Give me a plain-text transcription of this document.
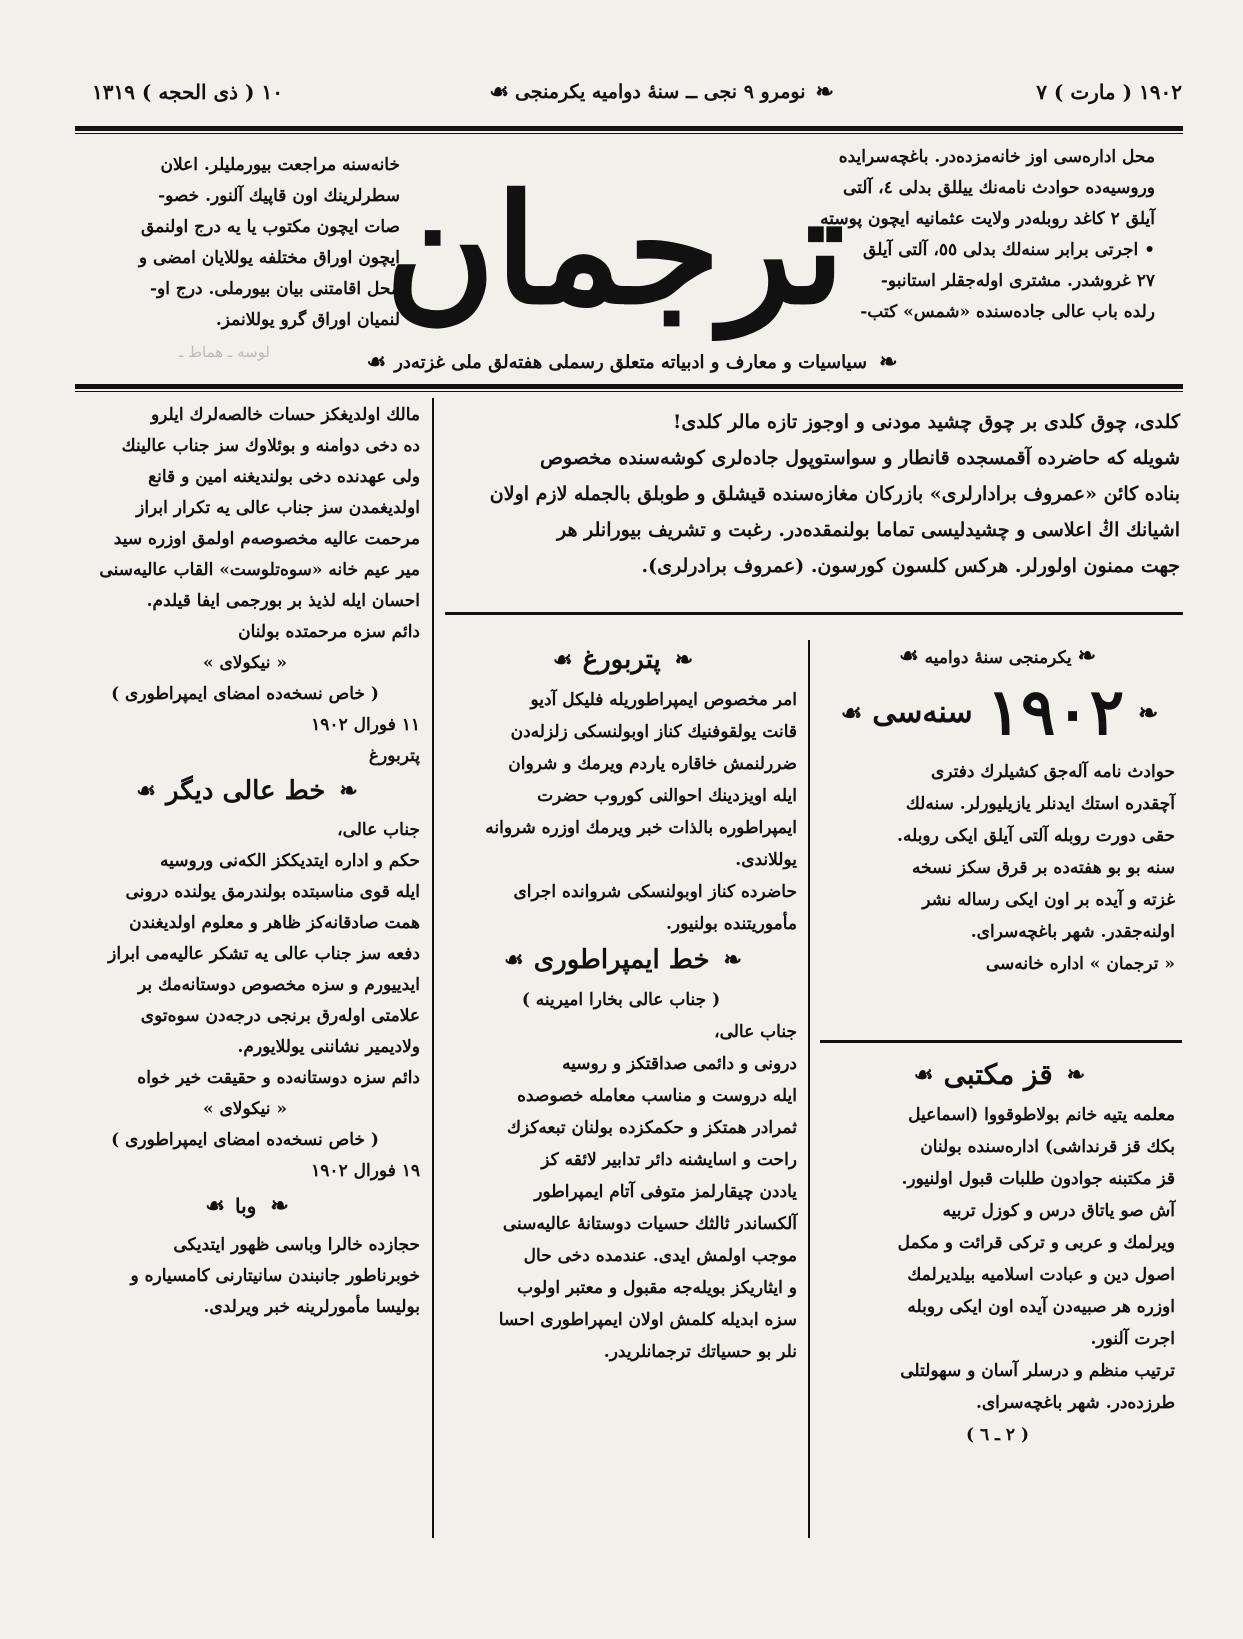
۱۹۰۲ ( مارت ) ۷
❧
نومرو ۹ نجی ــ سنهٔ دوامیه یکرمنجی
☙
۱۰ ( ذی الحجه ) ۱۳۱۹
محل ادارەسی اوز خانەمزدەدر. باغچەسرایدە
وروسیەدە حوادث نامەنك ییللق بدلی ٤، آلتی
آیلق ۲ کاغد روبلەدر ولایت عثمانیە ایچون پوستە
• اجرتی برابر سنەلك بدلی ٥٥، آلتی آیلق
۲۷ غروشدر. مشتری اولەجقلر استانبو-
رلدە باب عالی جادەسندە «شمس» کتب-
ترجمان
خانەسنە مراجعت بیورملیلر. اعلان
سطرلرینك اون قاپیك آلنور. خصو-
صات ایچون مکتوب یا یە درج اولنمق
ایچون اوراق مختلفە یوللایان امضی و
محل اقامتنی بیان بیورملی. درج او-
لنمیان اوراق گرو یوللانمز.
لوسه ـ هماط ـ	❧
سیاسیات و معارف و ادبیاتە متعلق رسملی هفتەلق ملی غزتەدر
☙

کلدی، چوق کلدی بر چوق چشید مودنی و اوجوز تازه مالر کلدی!

شویلە کە حاضردە آقمسجدە قانطار و سواستوپول جادەلری کوشەسندە مخصوص

بنادە کائن «عمروف برادارلری» بازرکان مغازەسندە قیشلق و طوبلق بالجملە لازم اولان

اشیانك اڭ اعلاسی و چشیدلیسی تماما بولنمقدەدر. رغبت و تشریف بیورانلر هر

جهت ممنون اولورلر. هرکس کلسون کورسون. (عمروف برادرلری).

مالك اولدیغکز حسات خالصەلرك ایلرو

دە دخی دوامنە و بوئلاوك سز جناب عالینك

ولی عهدندە دخی بولندیغنە امین و قانع

اولدیغمدن سز جناب عالی یە تکرار ابراز

مرحمت عالیە مخصوصەم اولمق اوزرە سید

میر عیم خانە «سوەتلوست» القاب عالیەسنی

احسان ایلە لذیذ بر بورجمی ایفا قیلدم.

دائم سزە مرحمتدە بولنان

« نیکولای »

( خاص نسخەدە امضای ایمپراطوری )

۱۱ فورال ۱۹۰۲

پتربورغ

❧
خط عالی دیگر
☙

جناب عالی،

حکم و ادارە ایتدیککز الکەنی وروسیە

ایلە قوی مناسبتدە بولندرمق یولندە درونی

همت صادقانەکز ظاهر و معلوم اولدیغندن

دفعە سز جناب عالی یە تشکر عالیەمی ابراز

ایدییورم و سزە مخصوص دوستانەمك بر

علامتی اولەرق برنجی درجەدن سوەتوی

ولادیمیر نشاننی یوللایورم.

دائم سزە دوستانەدە و حقیقت خیر خواه

« نیکولای »

( خاص نسخەدە امضای ایمپراطوری )

۱۹ فورال ۱۹۰۲

❧
وبا
☙

حجازدە خالرا وباسی ظهور ایتدیکی

خوبرناطور جانبندن سانیتارنی کامسیارە و

بولیسا مأمورلرینە خبر ویرلدی.

❧
پتربورغ
☙

امر مخصوص ایمپراطوریلە فلیکل آدیو

قانت یولقوفنیك کناز اوبولنسکی زلزلەدن

ضررلنمش خاقارە یاردم ویرمك و شروان

ایلە اویزدینك احوالنی کوروب حضرت

ایمپراطورە بالذات خبر ویرمك اوزرە شروانە

یوللاندی.

حاضردە کناز اوبولنسکی شرواندە اجرای

مأموریتندە بولنیور.

❧
خط ایمپراطوری
☙

( جناب عالی بخارا امیرینە )

جناب عالی،

درونی و دائمی صداقتکز و روسیە

ایلە دروست و مناسب معاملە خصوصدە

ثمرادر همتکز و حکمکزدە بولنان تبعەکزك

راحت و اسایشنە دائر تدابیر لائقە کز

یاددن چیقارلمز متوفی آتام ایمپراطور

آلکساندر ثالثك حسیات دوستانۀ عالیەسنی

موجب اولمش ایدی. عندمدە دخی حال

و ایثاریکز بویلەجە مقبول و معتبر اولوب

سزە ابدیلە کلمش اولان ایمپراطوری احسا

نلر بو حسیاتك ترجمانلریدر.

❧ یکرمنجی سنهٔ دوامیه ☙

❧
۱۹۰۲
سنەسی
☙

حوادث نامە آلەجق کشیلرك دفتری

آچقدرە استك ایدنلر یازیلیورلر. سنەلك

حقی دورت روبلە آلتی آیلق ایکی روبلە.

سنە بو بو هفتەدە بر قرق سکز نسخە

غزتە و آیدە بر اون ایکی رسالە نشر

اولنەجقدر. شهر باغچەسرای.

« ترجمان » ادارە خانەسی

❧
قز مکتبی
☙

معلمە یتیە خانم بولاطوقووا (اسماعیل

بکك قز قرنداشی) ادارەسندە بولنان

قز مکتبنە جوادون طلبات قبول اولنیور.

آش صو یاتاق درس و کوزل تربیە

ویرلمك و عربی و ترکی قرائت و مکمل

اصول دین و عبادت اسلامیە بیلدیرلمك

اوزرە هر صبیەدن آیدە اون ایکی روبلە

اجرت آلنور.

ترتیب منظم و درسلر آسان و سهولتلی

طرزدەدر. شهر باغچەسرای.

( ۲ ـ ٦ )
